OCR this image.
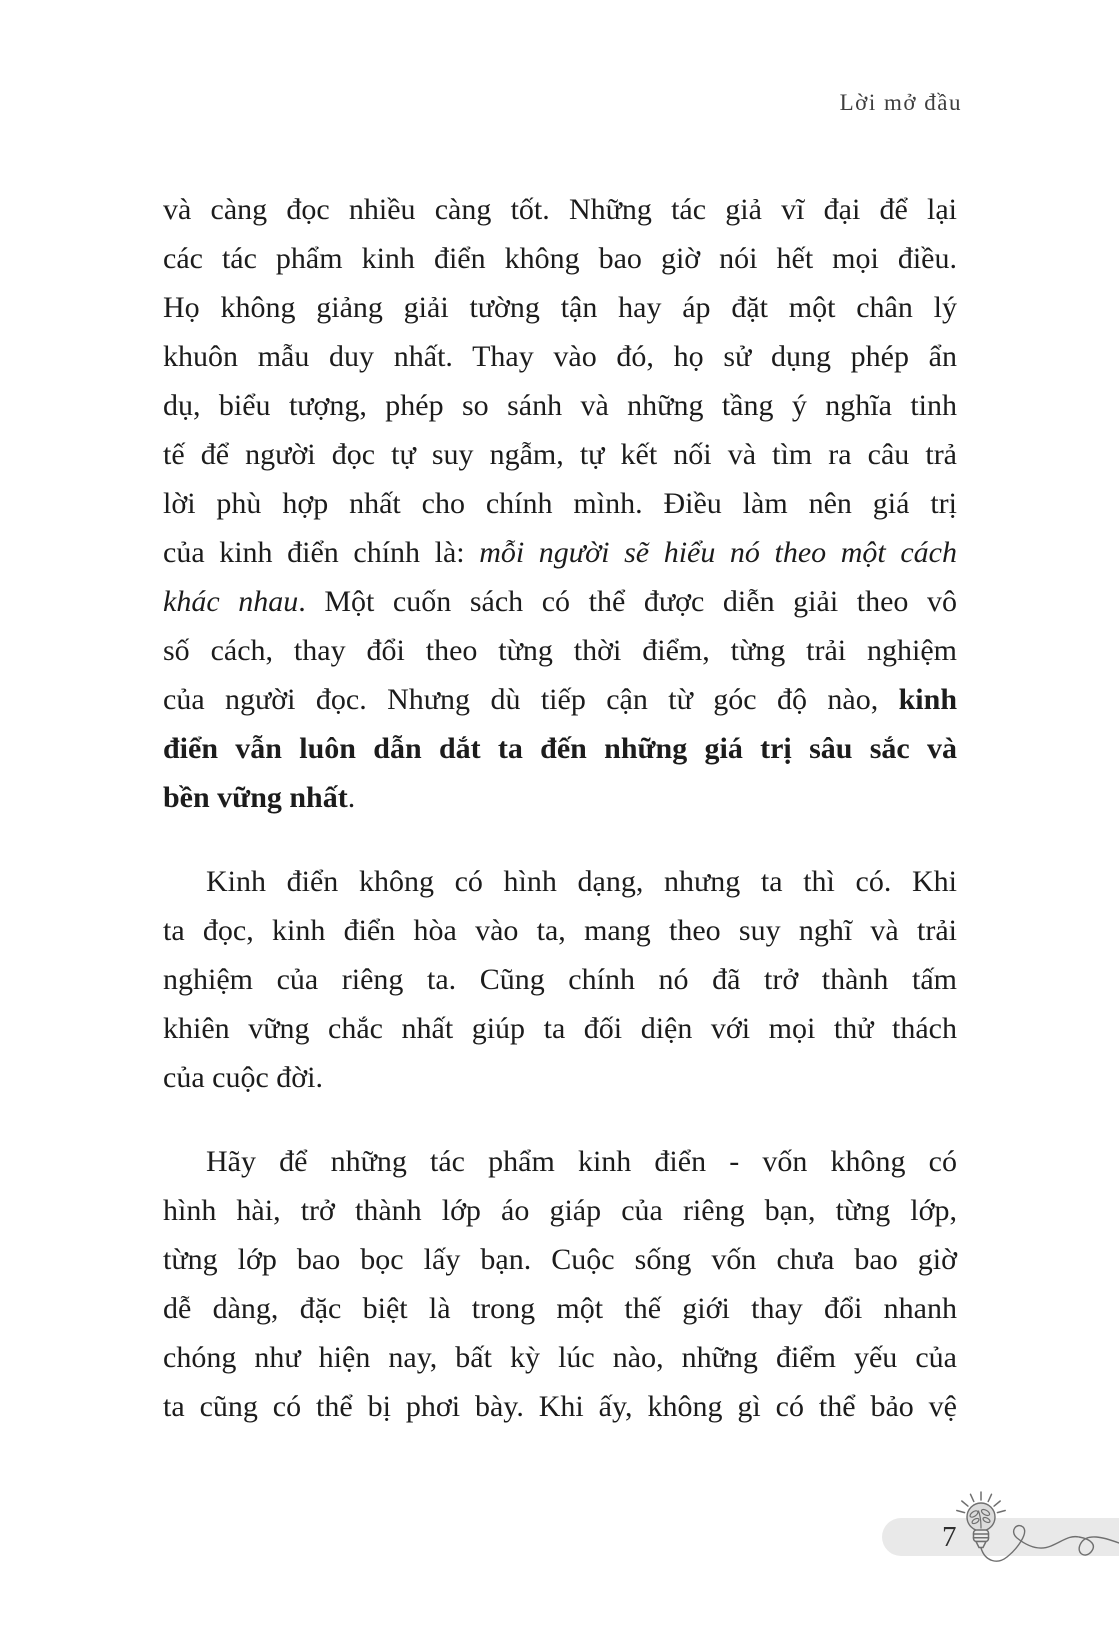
Lời mở đầu
và càng đọc nhiều càng tốt. Những tác giả vĩ đại để lại
các tác phẩm kinh điển không bao giờ nói hết mọi điều.
Họ không giảng giải tường tận hay áp đặt một chân lý
khuôn mẫu duy nhất. Thay vào đó, họ sử dụng phép ẩn
dụ, biểu tượng, phép so sánh và những tầng ý nghĩa tinh
tế để người đọc tự suy ngẫm, tự kết nối và tìm ra câu trả
lời phù hợp nhất cho chính mình. Điều làm nên giá trị
của kinh điển chính là: mỗi người sẽ hiểu nó theo một cách
khác nhau. Một cuốn sách có thể được diễn giải theo vô
số cách, thay đổi theo từng thời điểm, từng trải nghiệm
của người đọc. Nhưng dù tiếp cận từ góc độ nào, kinh
điển vẫn luôn dẫn dắt ta đến những giá trị sâu sắc và
bền vững nhất.
Kinh điển không có hình dạng, nhưng ta thì có. Khi
ta đọc, kinh điển hòa vào ta, mang theo suy nghĩ và trải
nghiệm của riêng ta. Cũng chính nó đã trở thành tấm
khiên vững chắc nhất giúp ta đối diện với mọi thử thách
của cuộc đời.
Hãy để những tác phẩm kinh điển - vốn không có
hình hài, trở thành lớp áo giáp của riêng bạn, từng lớp,
từng lớp bao bọc lấy bạn. Cuộc sống vốn chưa bao giờ
dễ dàng, đặc biệt là trong một thế giới thay đổi nhanh
chóng như hiện nay, bất kỳ lúc nào, những điểm yếu của
ta cũng có thể bị phơi bày. Khi ấy, không gì có thể bảo vệ
7
